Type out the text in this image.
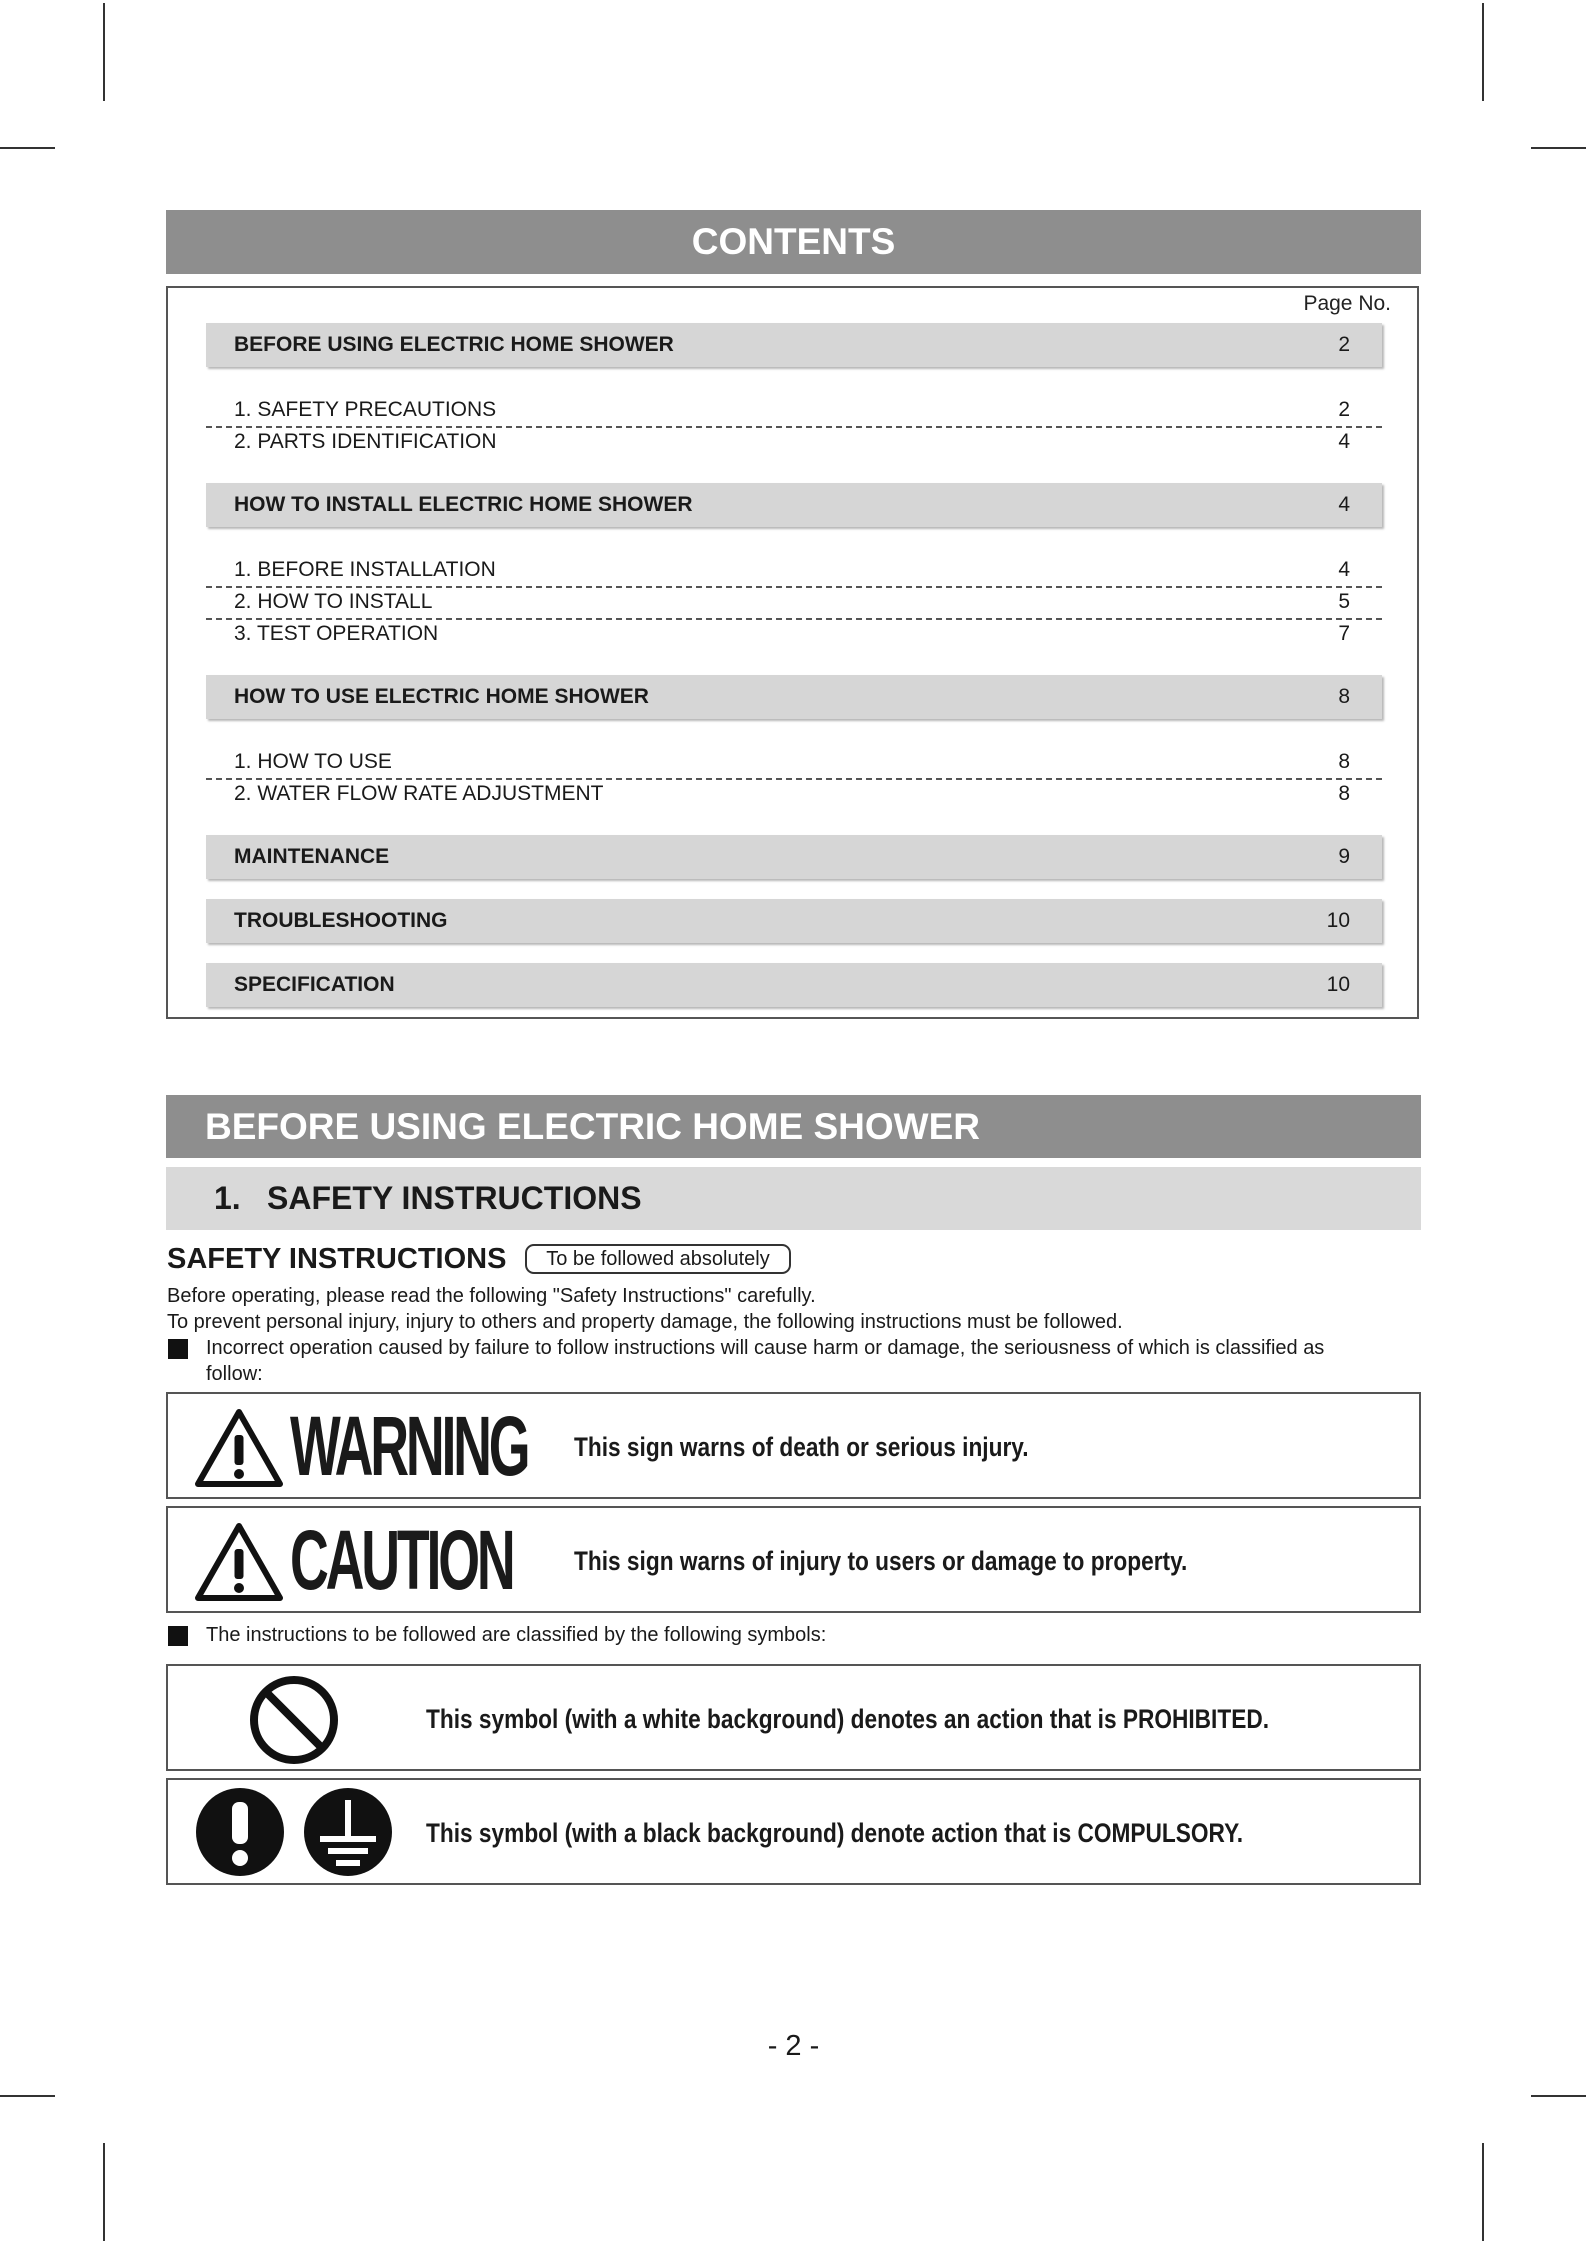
CONTENTS
Page No.
BEFORE USING ELECTRIC HOME SHOWER	2
1. SAFETY PRECAUTIONS	2
2. PARTS IDENTIFICATION	4
HOW TO INSTALL ELECTRIC HOME SHOWER	4
1. BEFORE INSTALLATION	4
2. HOW TO INSTALL	5
3. TEST OPERATION	7
HOW TO USE ELECTRIC HOME SHOWER	8
1. HOW TO USE	8
2. WATER FLOW RATE ADJUSTMENT	8
MAINTENANCE	9
TROUBLESHOOTING	10
SPECIFICATION	10
BEFORE USING ELECTRIC HOME SHOWER
1. SAFETY INSTRUCTIONS
SAFETY INSTRUCTIONS	To be followed absolutely
Before operating, please read the following "Safety Instructions" carefully.
To prevent personal injury, injury to others and property damage, the following instructions must be followed.
Incorrect operation caused by failure to follow instructions will cause harm or damage, the seriousness of which is classified as
follow:
WARNING This sign warns of death or serious injury.
CAUTION This sign warns of injury to users or damage to property.
The instructions to be followed are classified by the following symbols:
This symbol (with a white background) denotes an action that is PROHIBITED.
This symbol (with a black background) denote action that is COMPULSORY.
- 2 -
